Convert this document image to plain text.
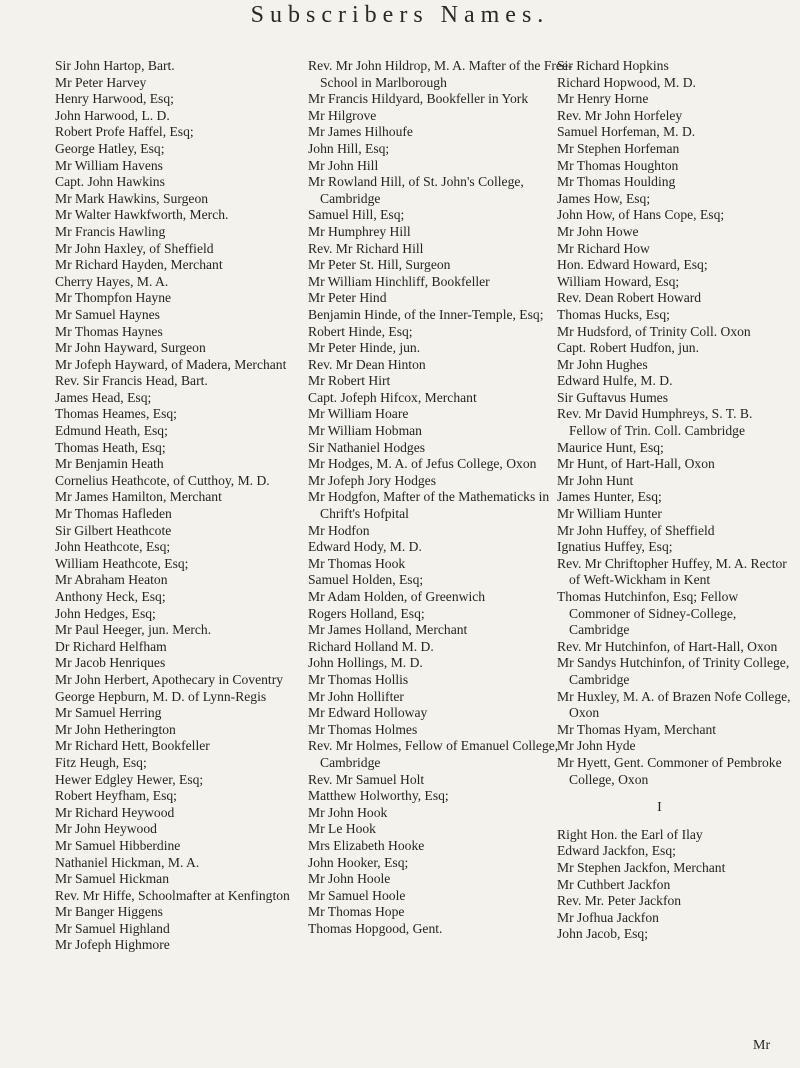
Subscribers Names.
Sir John Hartop, Bart.
Mr Peter Harvey
Henry Harwood, Esq;
John Harwood, L. D.
Robert Profe Haffel, Esq;
George Hatley, Esq;
Mr William Havens
Capt. John Hawkins
Mr Mark Hawkins, Surgeon
Mr Walter Hawkfworth, Merch.
Mr Francis Hawling
Mr John Haxley, of Sheffield
Mr Richard Hayden, Merchant
Cherry Hayes, M. A.
Mr Thompfon Hayne
Mr Samuel Haynes
Mr Thomas Haynes
Mr John Hayward, Surgeon
Mr Jofeph Hayward, of Madera, Merchant
Rev. Sir Francis Head, Bart.
James Head, Esq;
Thomas Heames, Esq;
Edmund Heath, Esq;
Thomas Heath, Esq;
Mr Benjamin Heath
Cornelius Heathcote, of Cutthoy, M. D.
Mr James Hamilton, Merchant
Mr Thomas Hafleden
Sir Gilbert Heathcote
John Heathcote, Esq;
William Heathcote, Esq;
Mr Abraham Heaton
Anthony Heck, Esq;
John Hedges, Esq;
Mr Paul Heeger, jun. Merch.
Dr Richard Helfham
Mr Jacob Henriques
Mr John Herbert, Apothecary in Coventry
George Hepburn, M. D. of Lynn-Regis
Mr Samuel Herring
Mr John Hetherington
Mr Richard Hett, Bookfeller
Fitz Heugh, Esq;
Hewer Edgley Hewer, Esq;
Robert Heyfham, Esq;
Mr Richard Heywood
Mr John Heywood
Mr Samuel Hibberdine
Nathaniel Hickman, M. A.
Mr Samuel Hickman
Rev. Mr Hiffe, Schoolmafter at Kenfington
Mr Banger Higgens
Mr Samuel Highland
Mr Jofeph Highmore
Rev. Mr John Hildrop, M. A. Mafter of the Free-School in Marlborough
Mr Francis Hildyard, Bookfeller in York
Mr Hilgrove
Mr James Hilhoufe
John Hill, Esq;
Mr John Hill
Mr Rowland Hill, of St. John's College, Cambridge
Samuel Hill, Esq;
Mr Humphrey Hill
Rev. Mr Richard Hill
Mr Peter St. Hill, Surgeon
Mr William Hinchliff, Bookfeller
Mr Peter Hind
Benjamin Hinde, of the Inner-Temple, Esq;
Robert Hinde, Esq;
Mr Peter Hinde, jun.
Rev. Mr Dean Hinton
Mr Robert Hirt
Capt. Jofeph Hifcox, Merchant
Mr William Hoare
Mr William Hobman
Sir Nathaniel Hodges
Mr Hodges, M. A. of Jefus College, Oxon
Mr Jofeph Jory Hodges
Mr Hodgfon, Mafter of the Mathematicks in Chrift's Hofpital
Mr Hodfon
Edward Hody, M. D.
Mr Thomas Hook
Samuel Holden, Esq;
Mr Adam Holden, of Greenwich
Rogers Holland, Esq;
Mr James Holland, Merchant
Richard Holland M. D.
John Hollings, M. D.
Mr Thomas Hollis
Mr John Hollifter
Mr Edward Holloway
Mr Thomas Holmes
Rev. Mr Holmes, Fellow of Emanuel College, Cambridge
Rev. Mr Samuel Holt
Matthew Holworthy, Esq;
Mr John Hook
Mr Le Hook
Mrs Elizabeth Hooke
John Hooker, Esq;
Mr John Hoole
Mr Samuel Hoole
Mr Thomas Hope
Thomas Hopgood, Gent.
Sir Richard Hopkins
Richard Hopwood, M. D.
Mr Henry Horne
Rev. Mr John Horfeley
Samuel Horfeman, M. D.
Mr Stephen Horfeman
Mr Thomas Houghton
Mr Thomas Houlding
James How, Esq;
John How, of Hans Cope, Esq;
Mr John Howe
Mr Richard How
Hon. Edward Howard, Esq;
William Howard, Esq;
Rev. Dean Robert Howard
Thomas Hucks, Esq;
Mr Hudsford, of Trinity Coll. Oxon
Capt. Robert Hudfon, jun.
Mr John Hughes
Edward Hulfe, M. D.
Sir Guftavus Humes
Rev. Mr David Humphreys, S. T. B. Fellow of Trin. Coll. Cambridge
Maurice Hunt, Esq;
Mr Hunt, of Hart-Hall, Oxon
Mr John Hunt
James Hunter, Esq;
Mr William Hunter
Mr John Huffey, of Sheffield
Ignatius Huffey, Esq;
Rev. Mr Chriftopher Huffey, M. A. Rector of Weft-Wickham in Kent
Thomas Hutchinfon, Esq; Fellow Commoner of Sidney-College, Cambridge
Rev. Mr Hutchinfon, of Hart-Hall, Oxon
Mr Sandys Hutchinfon, of Trinity College, Cambridge
Mr Huxley, M. A. of Brazen Nofe College, Oxon
Mr Thomas Hyam, Merchant
Mr John Hyde
Mr Hyett, Gent. Commoner of Pembroke College, Oxon
I
Right Hon. the Earl of Ilay
Edward Jackfon, Esq;
Mr Stephen Jackfon, Merchant
Mr Cuthbert Jackfon
Rev. Mr. Peter Jackfon
Mr Jofhua Jackfon
John Jacob, Esq;
Mr
